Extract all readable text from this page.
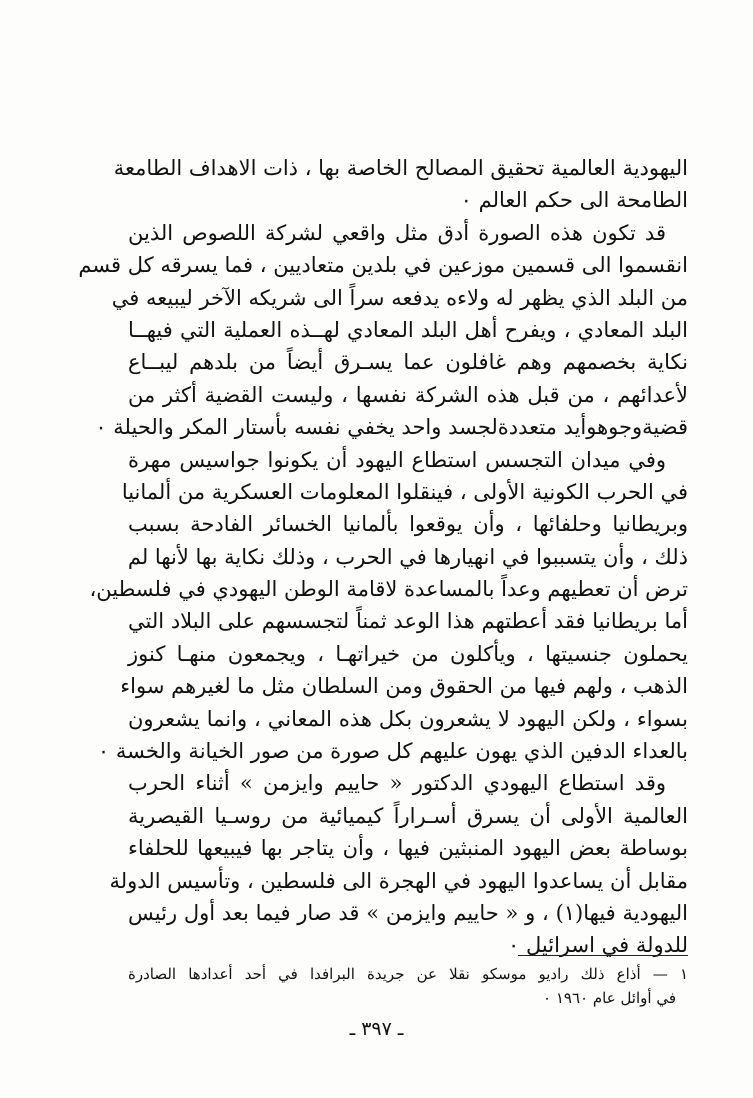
اليهودية العالمية تحقيق المصالح الخاصة بها ، ذات الاهداف الطامعة
الطامحة الى حكم العالم ٠
قد تكون هذه الصورة أدق مثل واقعي لشركة اللصوص الذين
انقسموا الى قسمين موزعين في بلدين متعاديين ، فما يسرقه كل قسم
من البلد الذي يظهر له ولاءه يدفعه سراً الى شريكه الآخر ليبيعه في
البلد المعادي ، ويفرح أهل البلد المعادي لهــذه العملية التي فيهــا
نكاية بخصمهم وهم غافلون عما يسـرق أيضاً من بلدهم ليبــاع
لأعدائهم ، من قبل هذه الشركة نفسها ، وليست القضية أكثر من
قضيةوجوهوأيد متعددةلجسد واحد يخفي نفسه بأستار المكر والحيلة ٠
وفي ميدان التجسس استطاع اليهود أن يكونوا جواسيس مهرة
في الحرب الكونية الأولى ، فينقلوا المعلومات العسكرية من ألمانيا
وبريطانيا وحلفائها ، وأن يوقعوا بألمانيا الخسائر الفادحة بسبب
ذلك ، وأن يتسببوا في انهيارها في الحرب ، وذلك نكاية بها لأنها لم
ترض أن تعطيهم وعداً بالمساعدة لاقامة الوطن اليهودي في فلسطين،
أما بريطانيا فقد أعطتهم هذا الوعد ثمناً لتجسسهم على البلاد التي
يحملون جنسيتها ، ويأكلون من خيراتهـا ، ويجمعون منهـا كنوز
الذهب ، ولهم فيها من الحقوق ومن السلطان مثل ما لغيرهم سواء
بسواء ، ولكن اليهود لا يشعرون بكل هذه المعاني ، وانما يشعرون
بالعداء الدفين الذي يهون عليهم كل صورة من صور الخيانة والخسة ٠
وقد استطاع اليهودي الدكتور « حاييم وايزمن » أثناء الحرب
العالمية الأولى أن يسرق أسـراراً كيميائية من روسـيا القيصرية
بوساطة بعض اليهود المنبثين فيها ، وأن يتاجر بها فيبيعها للحلفاء
مقابل أن يساعدوا اليهود في الهجرة الى فلسطين ، وتأسيس الدولة
اليهودية فيها(١) ، و « حاييم وايزمن » قد صار فيما بعد أول رئيس
للدولة في اسرائيل ٠
١ — أذاع ذلك راديو موسكو نقلا عن جريدة البرافدا في أحد أعدادها الصادرة
في أوائل عام ١٩٦٠ ٠
ـ ٣٩٧ ـ
